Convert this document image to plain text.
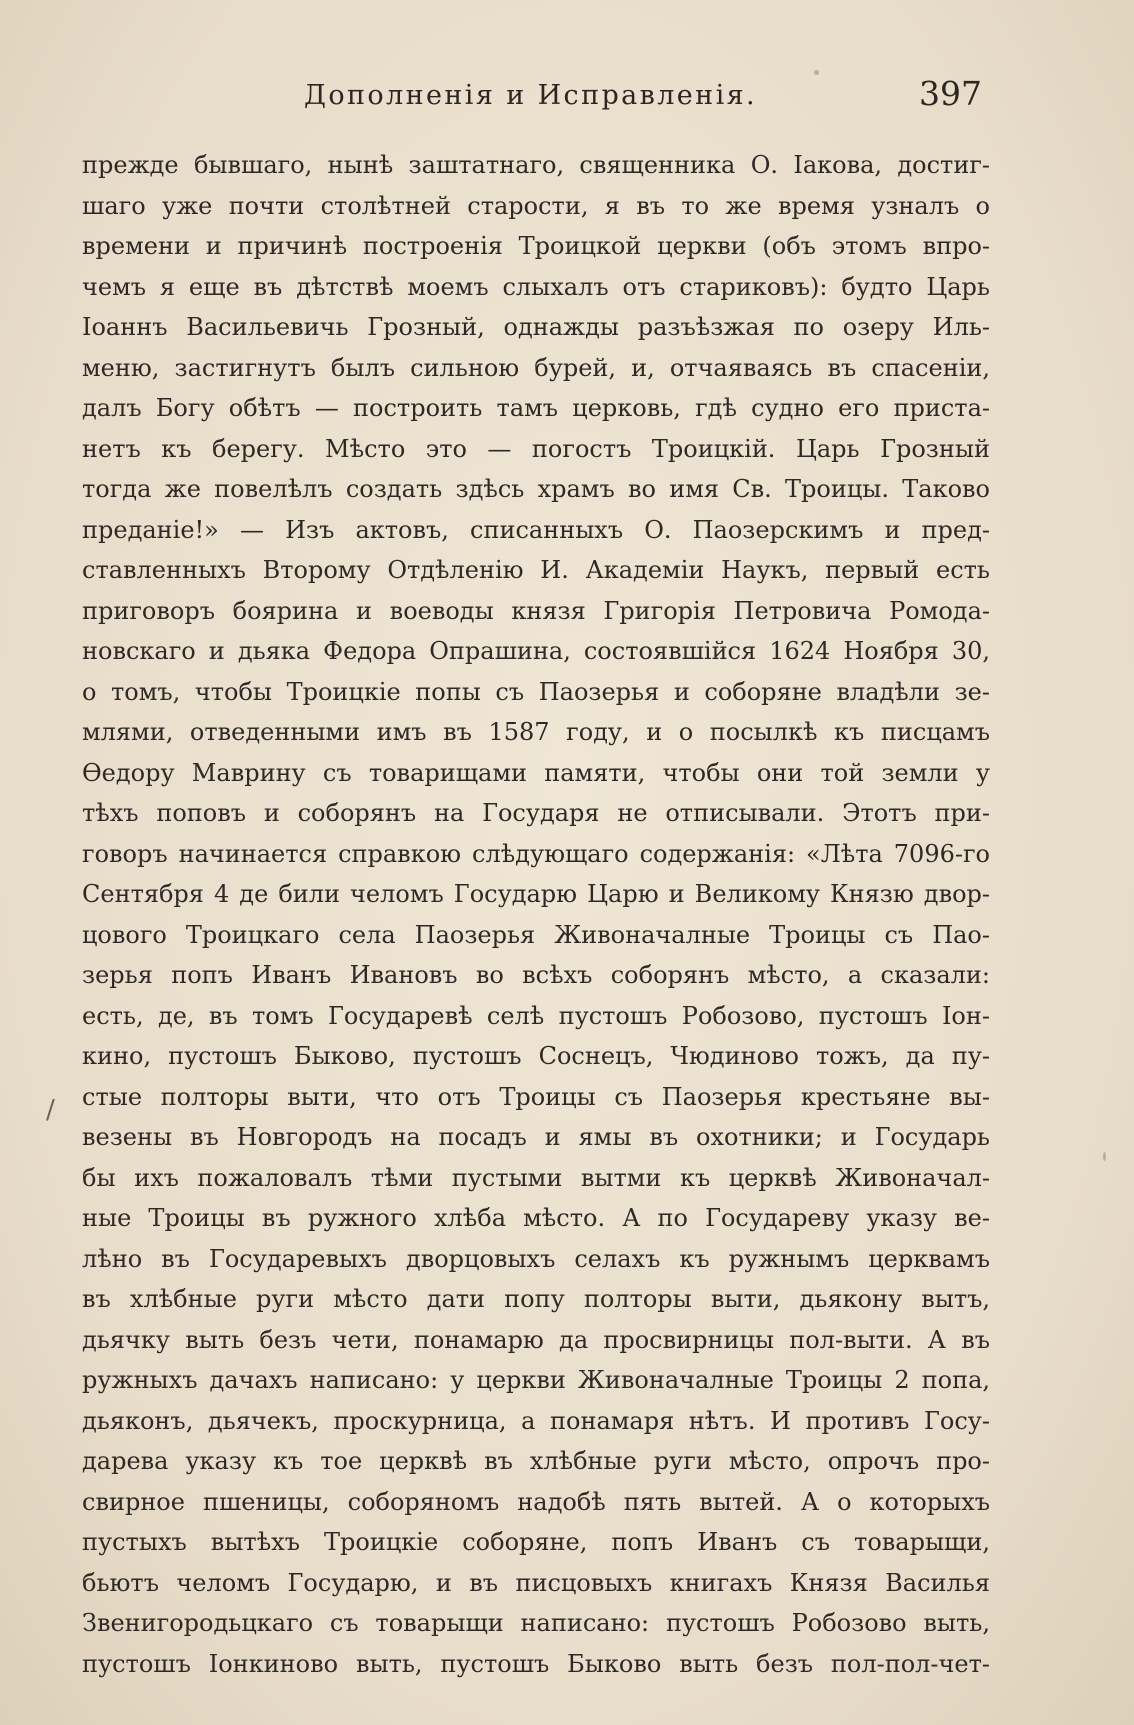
Дополненія и Исправленія.	397
/
прежде бывшаго, нынѣ заштатнаго, священника О. Іакова, достиг-
шаго уже почти столѣтней старости, я въ то же время узналъ о
времени и причинѣ построенія Троицкой церкви (объ этомъ впро-
чемъ я еще въ дѣтствѣ моемъ слыхалъ отъ стариковъ): будто Царь
Іоаннъ Васильевичь Грозный, однажды разъѣзжая по озеру Иль-
меню, застигнутъ былъ сильною бурей, и, отчаяваясь въ спасеніи,
далъ Богу обѣтъ — построить тамъ церковь, гдѣ судно его приста-
нетъ къ берегу. Мѣсто это — погостъ Троицкій. Царь Грозный
тогда же повелѣлъ создать здѣсь храмъ во имя Св. Троицы. Таково
преданіе!» — Изъ актовъ, списанныхъ О. Паозерскимъ и пред-
ставленныхъ Второму Отдѣленію И. Академіи Наукъ, первый есть
приговоръ боярина и воеводы князя Григорія Петровича Ромода-
новскаго и дьяка Федора Опрашина, состоявшійся 1624 Ноября 30,
о томъ, чтобы Троицкіе попы съ Паозерья и соборяне владѣли зе-
млями, отведенными имъ въ 1587 году, и о посылкѣ къ писцамъ
Ѳедору Маврину съ товарищами памяти, чтобы они той земли у
тѣхъ поповъ и соборянъ на Государя не отписывали. Этотъ при-
говоръ начинается справкою слѣдующаго содержанія: «Лѣта 7096-го
Сентября 4 де били челомъ Государю Царю и Великому Князю двор-
цового Троицкаго села Паозерья Живоначалные Троицы съ Пао-
зерья попъ Иванъ Ивановъ во всѣхъ соборянъ мѣсто, а сказали:
есть, де, въ томъ Государевѣ селѣ пустошъ Робозово, пустошъ Іон-
кино, пустошъ Быково, пустошъ Соснецъ, Чюдиново тожъ, да пу-
стые полторы выти, что отъ Троицы съ Паозерья крестьяне вы-
везены въ Новгородъ на посадъ и ямы въ охотники; и Государь
бы ихъ пожаловалъ тѣми пустыми вытми къ церквѣ Живоначал-
ные Троицы въ ружного хлѣба мѣсто. А по Государеву указу ве-
лѣно въ Государевыхъ дворцовыхъ селахъ къ ружнымъ церквамъ
въ хлѣбные руги мѣсто дати попу полторы выти, дьякону вытъ,
дьячку выть безъ чети, понамарю да просвирницы пол-выти. А въ
ружныхъ дачахъ написано: у церкви Живоначалные Троицы 2 попа,
дьяконъ, дьячекъ, проскурница, а понамаря нѣтъ. И противъ Госу-
дарева указу къ тое церквѣ въ хлѣбные руги мѣсто, опрочъ про-
свирное пшеницы, соборяномъ надобѣ пять вытей. А о которыхъ
пустыхъ вытѣхъ Троицкіе соборяне, попъ Иванъ съ товарыщи,
бьютъ челомъ Государю, и въ писцовыхъ книгахъ Князя Василья
Звенигородьцкаго съ товарыщи написано: пустошъ Робозово выть,
пустошъ Іонкиново выть, пустошъ Быково выть безъ пол-пол-чет-
